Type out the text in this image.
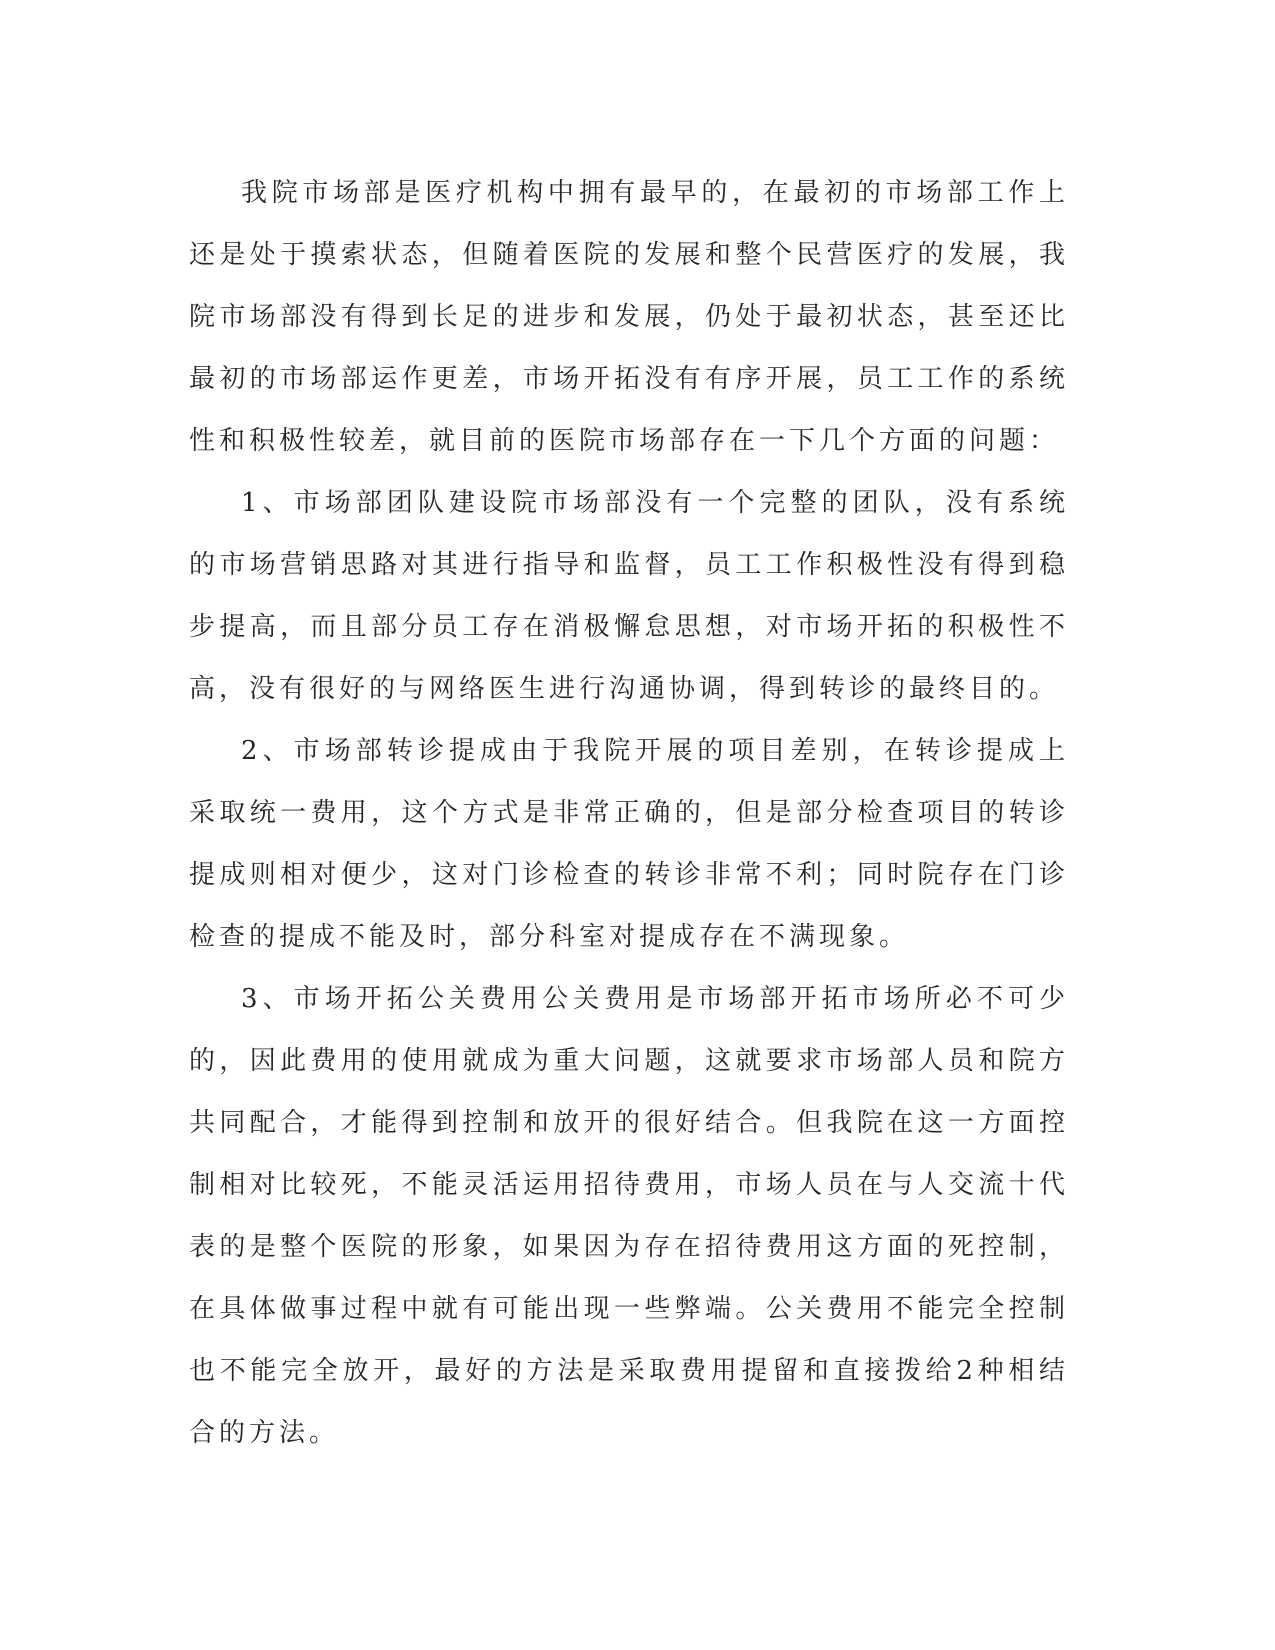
我院市场部是医疗机构中拥有最早的，在最初的市场部工作上还是处于摸索状态，但随着医院的发展和整个民营医疗的发展，我院市场部没有得到长足的进步和发展，仍处于最初状态，甚至还比最初的市场部运作更差，市场开拓没有有序开展，员工工作的系统性和积极性较差，就目前的医院市场部存在一下几个方面的问题：

1、市场部团队建设院市场部没有一个完整的团队，没有系统的市场营销思路对其进行指导和监督，员工工作积极性没有得到稳步提高，而且部分员工存在消极懈怠思想，对市场开拓的积极性不高，没有很好的与网络医生进行沟通协调，得到转诊的最终目的。

2、市场部转诊提成由于我院开展的项目差别，在转诊提成上采取统一费用，这个方式是非常正确的，但是部分检查项目的转诊提成则相对便少，这对门诊检查的转诊非常不利；同时院存在门诊检查的提成不能及时，部分科室对提成存在不满现象。

3、市场开拓公关费用公关费用是市场部开拓市场所必不可少的，因此费用的使用就成为重大问题，这就要求市场部人员和院方共同配合，才能得到控制和放开的很好结合。但我院在这一方面控制相对比较死，不能灵活运用招待费用，市场人员在与人交流十代表的是整个医院的形象，如果因为存在招待费用这方面的死控制，在具体做事过程中就有可能出现一些弊端。公关费用不能完全控制也不能完全放开，最好的方法是采取费用提留和直接拨给2种相结合的方法。
